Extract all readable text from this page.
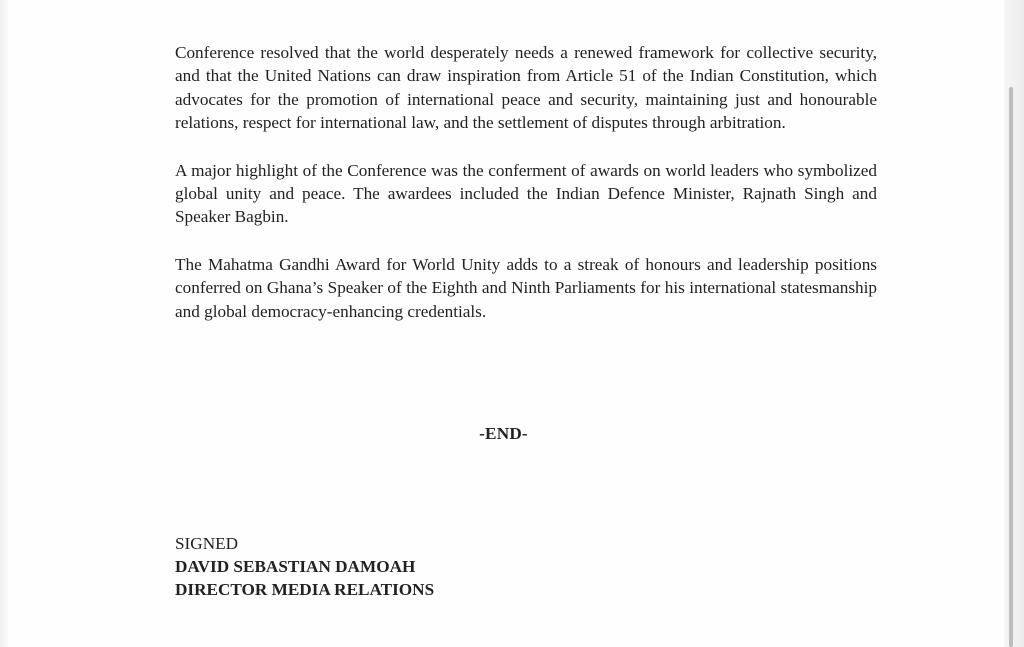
Conference resolved that the world desperately needs a renewed framework for collective security, and that the United Nations can draw inspiration from Article 51 of the Indian Constitution, which advocates for the promotion of international peace and security, maintaining just and honourable relations, respect for international law, and the settlement of disputes through arbitration.

A major highlight of the Conference was the conferment of awards on world leaders who symbolized global unity and peace. The awardees included the Indian Defence Minister, Rajnath Singh and Speaker Bagbin.

The Mahatma Gandhi Award for World Unity adds to a streak of honours and leadership positions conferred on Ghana’s Speaker of the Eighth and Ninth Parliaments for his international statesmanship and global democracy-enhancing credentials.

-END-
SIGNED
DAVID SEBASTIAN DAMOAH
DIRECTOR MEDIA RELATIONS
